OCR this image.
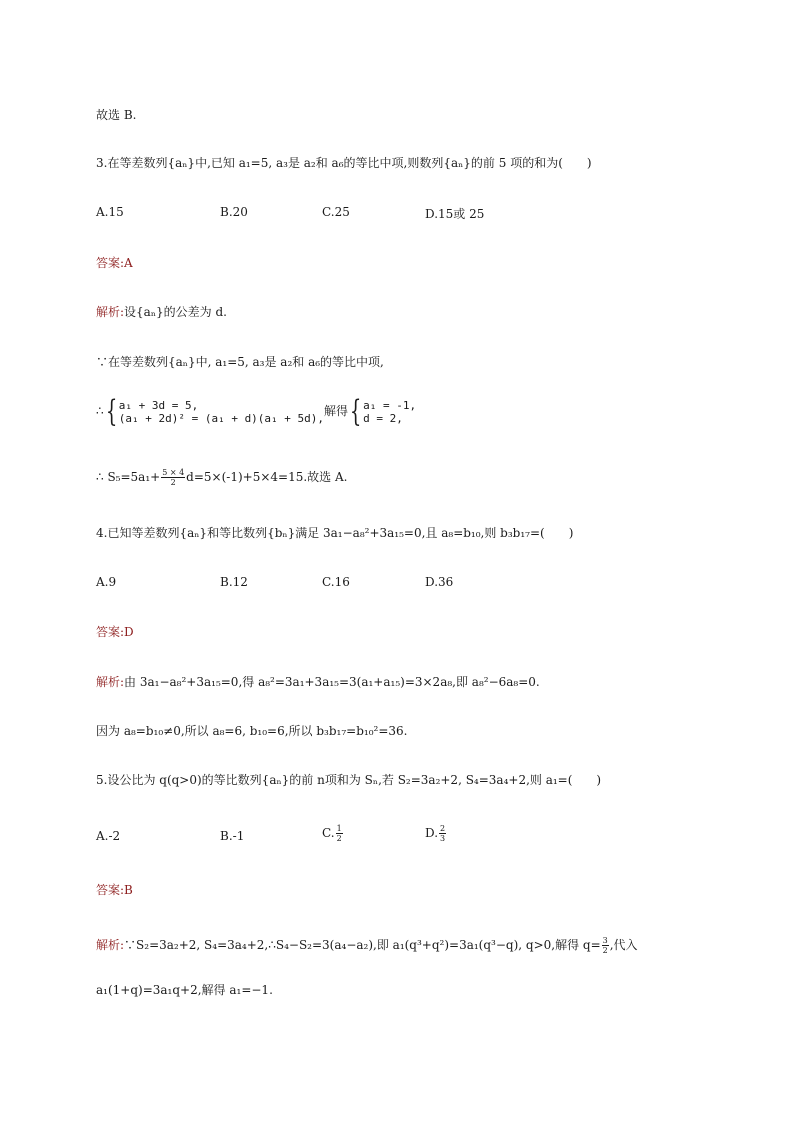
故选 B.
3.在等差数列{aₙ}中,已知 a₁=5, a₃是 a₂和 a₆的等比中项,则数列{aₙ}的前 5 项的和为(　　)
A.15	B.20	C.25	D.15或 25
答案:A
解析:设{aₙ}的公差为 d.
∵在等差数列{aₙ}中, a₁=5, a₃是 a₂和 a₆的等比中项,
∴{ a₁ + 3d = 5,
(a₁ + 2d)² = (a₁ + d)(a₁ + 5d),解得{ a₁ = -1,
d = 2,
∴ $S_5=5a_1+ \frac{5 \times 4}{2} d=5\times(-1)+5\times 4=15$.故选 A.
4.已知等差数列{aₙ}和等比数列{bₙ}满足 3a₁−a₈²+3a₁₅=0,且 a₈=b₁₀,则 b₃b₁₇=(　　)
A.9	B.12	C.16	D.36
答案:D
解析:由 3a₁−a₈²+3a₁₅=0,得 a₈²=3a₁+3a₁₅=3(a₁+a₁₅)=3×2a₈,即 a₈²−6a₈=0.
因为 a₈=b₁₀≠0,所以 a₈=6, b₁₀=6,所以 b₃b₁₇=b₁₀²=36.
5.设公比为 q(q>0)的等比数列{aₙ}的前 n项和为 Sₙ,若 S₂=3a₂+2, S₄=3a₄+2,则 a₁=(　　)
A.-2	B.-1	C. $\frac{1}{2}$	D. $\frac{2}{3}$
答案:B
解析:∵S₂=3a₂+2, S₄=3a₄+2,∴S₄−S₂=3(a₄−a₂),即 a₁(q³+q²)=3a₁(q³−q), q>0,解得 $q= \frac{3}{2}$ ,代入
a₁(1+q)=3a₁q+2,解得 a₁=−1.
